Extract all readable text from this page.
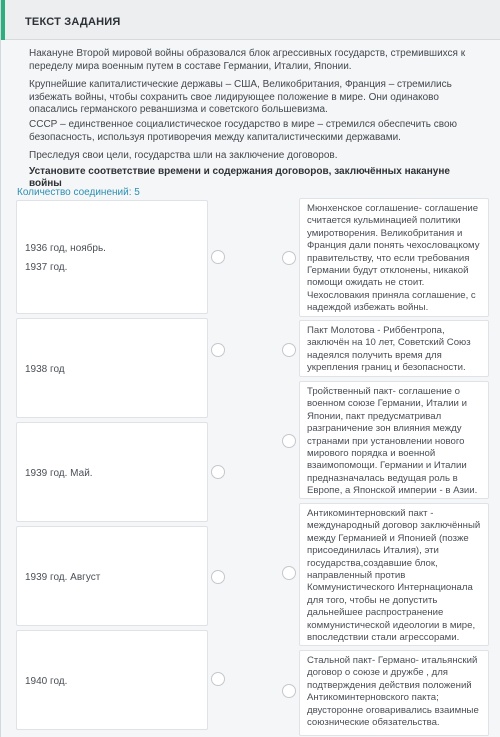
ТЕКСТ ЗАДАНИЯ

Накануне Второй мировой войны образовался блок агрессивных государств, стремившихся к переделу мира военным путем в составе Германии, Италии, Японии.

Крупнейшие капиталистические державы – США, Великобритания, Франция – стремились избежать войны, чтобы сохранить свое лидирующее положение в мире. Они одинаково опасались германского реваншизма и советского большевизма.

СССР – единственное социалистическое государство в мире – стремился обеспечить свою безопасность, используя противоречия между капиталистическими державами.

Преследуя свои цели, государства шли на заключение договоров.

Установите соответствие времени и содержания договоров, заключённых накануне войны

Количество соединений: 5
1936 год, ноябрь.
1937 год.
1938 год
1939 год. Май.
1939 год. Август
1940 год.

Мюнхенское соглашение- соглашение считается кульминацией политики умиротворения. Великобритания и Франция дали понять чехословацкому правительству, что если требования Германии будут отклонены, никакой помощи ожидать не стоит. Чехословакия приняла соглашение, с надеждой избежать войны.

Пакт Молотова - Риббентропа, заключён на 10 лет, Советский Союз надеялся получить время для укрепления границ и безопасности.

Тройственный пакт- соглашение о военном союзе Германии, Италии и Японии, пакт предусматривал разграничение зон влияния между странами при установлении нового мирового порядка и военной взаимопомощи. Германии и Италии предназначалась ведущая роль в Европе, а Японской империи - в Азии.

Антикоминтерновский пакт - международный договор заключённый между Германией и Японией (позже присоединилась Италия), эти государства,создавшие блок, направленный против Коммунистического Интернационала для того, чтобы не допустить дальнейшее распространение коммунистической идеологии в мире, впоследствии стали агрессорами.

Стальной пакт- Германо- итальянский договор о союзе и дружбе , для подтверждения действия положений Антикоминтерновского пакта; двусторонне оговаривались взаимные союзнические обязательства.
